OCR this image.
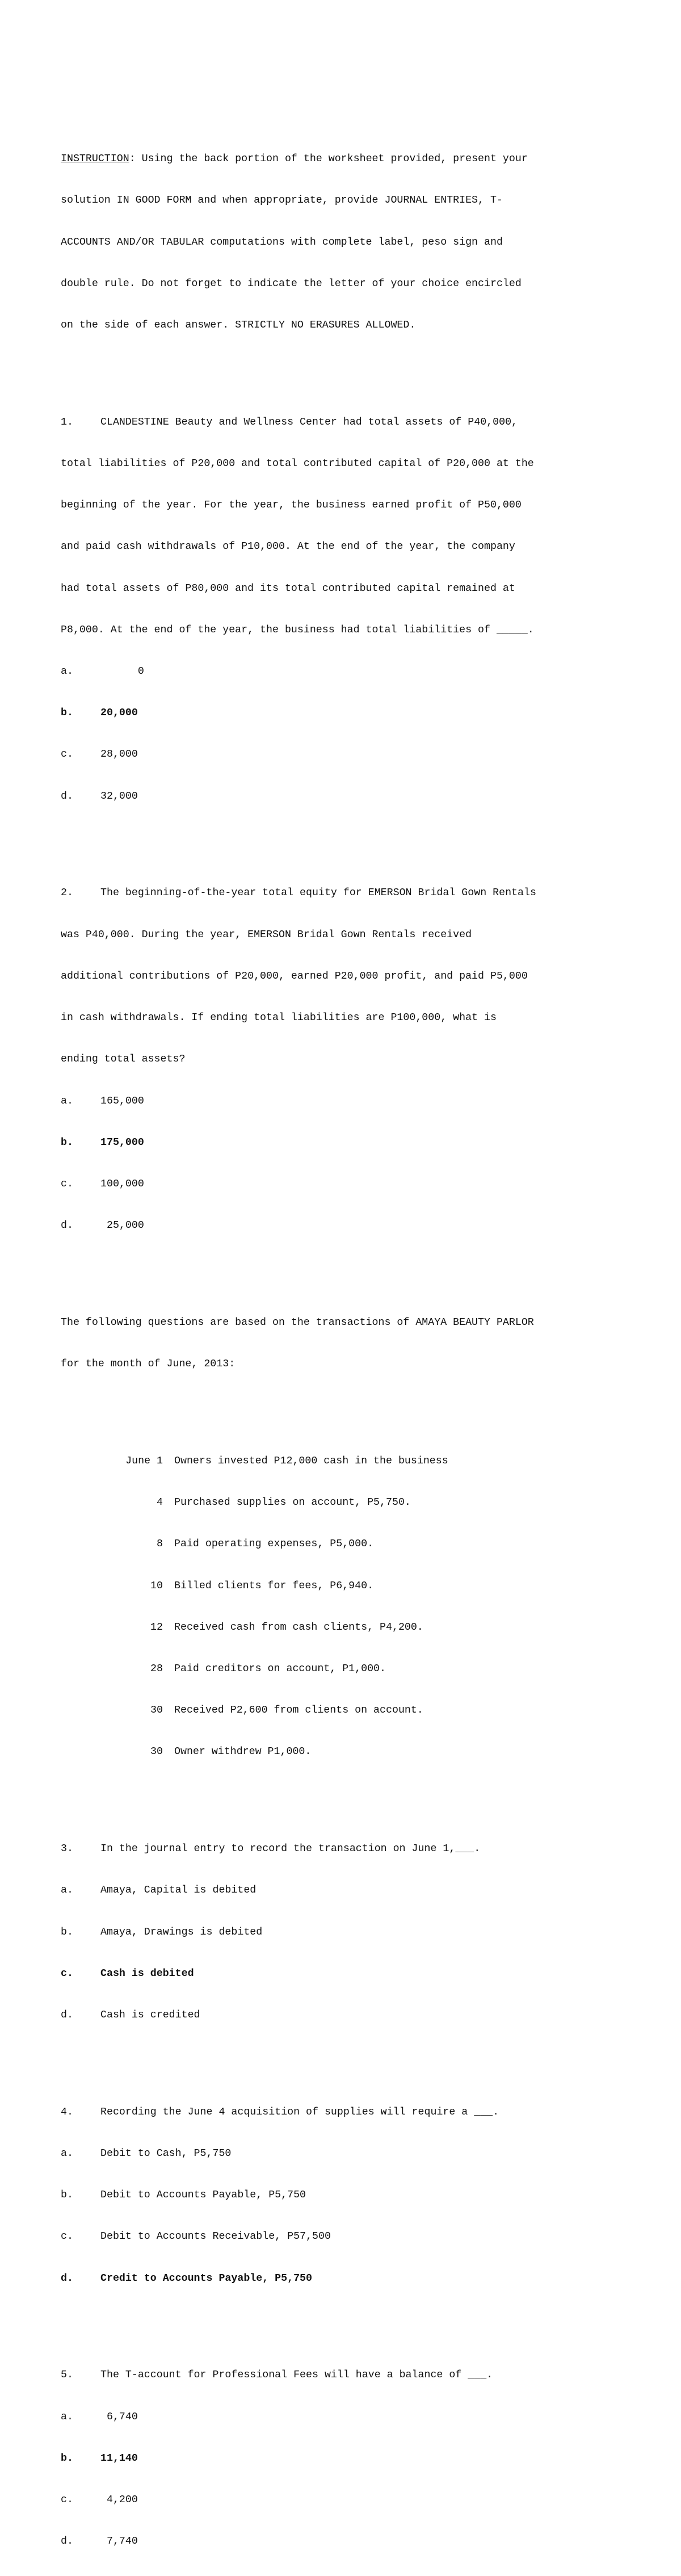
INSTRUCTION: Using the back portion of the worksheet provided, present your

solution IN GOOD FORM and when appropriate, provide JOURNAL ENTRIES, T-

ACCOUNTS AND/OR TABULAR computations with complete label, peso sign and

double rule. Do not forget to indicate the letter of your choice encircled

on the side of each answer. STRICTLY NO ERASURES ALLOWED.

1.	CLANDESTINE Beauty and Wellness Center had total assets of P40,000,

total liabilities of P20,000 and total contributed capital of P20,000 at the

beginning of the year. For the year, the business earned profit of P50,000

and paid cash withdrawals of P10,000. At the end of the year, the company

had total assets of P80,000 and its total contributed capital remained at

P8,000. At the end of the year, the business had total liabilities of _____.

a.	0

b.	20,000

c.	28,000

d.	32,000

2.	The beginning-of-the-year total equity for EMERSON Bridal Gown Rentals

was P40,000. During the year, EMERSON Bridal Gown Rentals received

additional contributions of P20,000, earned P20,000 profit, and paid P5,000

in cash withdrawals. If ending total liabilities are P100,000, what is

ending total assets?

a.	165,000

b.	175,000

c.	100,000

d.	25,000

The following questions are based on the transactions of AMAYA BEAUTY PARLOR

for the month of June, 2013:

June 1 Owners invested P12,000 cash in the business

4 Purchased supplies on account, P5,750.

8 Paid operating expenses, P5,000.

10 Billed clients for fees, P6,940.

12 Received cash from cash clients, P4,200.

28 Paid creditors on account, P1,000.

30 Received P2,600 from clients on account.

30 Owner withdrew P1,000.

3.	In the journal entry to record the transaction on June 1,___.

a.	Amaya, Capital is debited

b.	Amaya, Drawings is debited

c.	Cash is debited

d.	Cash is credited

4.	Recording the June 4 acquisition of supplies will require a ___.

a.	Debit to Cash, P5,750

b.	Debit to Accounts Payable, P5,750

c.	Debit to Accounts Receivable, P57,500

d.	Credit to Accounts Payable, P5,750

5.	The T-account for Professional Fees will have a balance of ___.

a.	6,740

b.	11,140

c.	4,200

d.	7,740
